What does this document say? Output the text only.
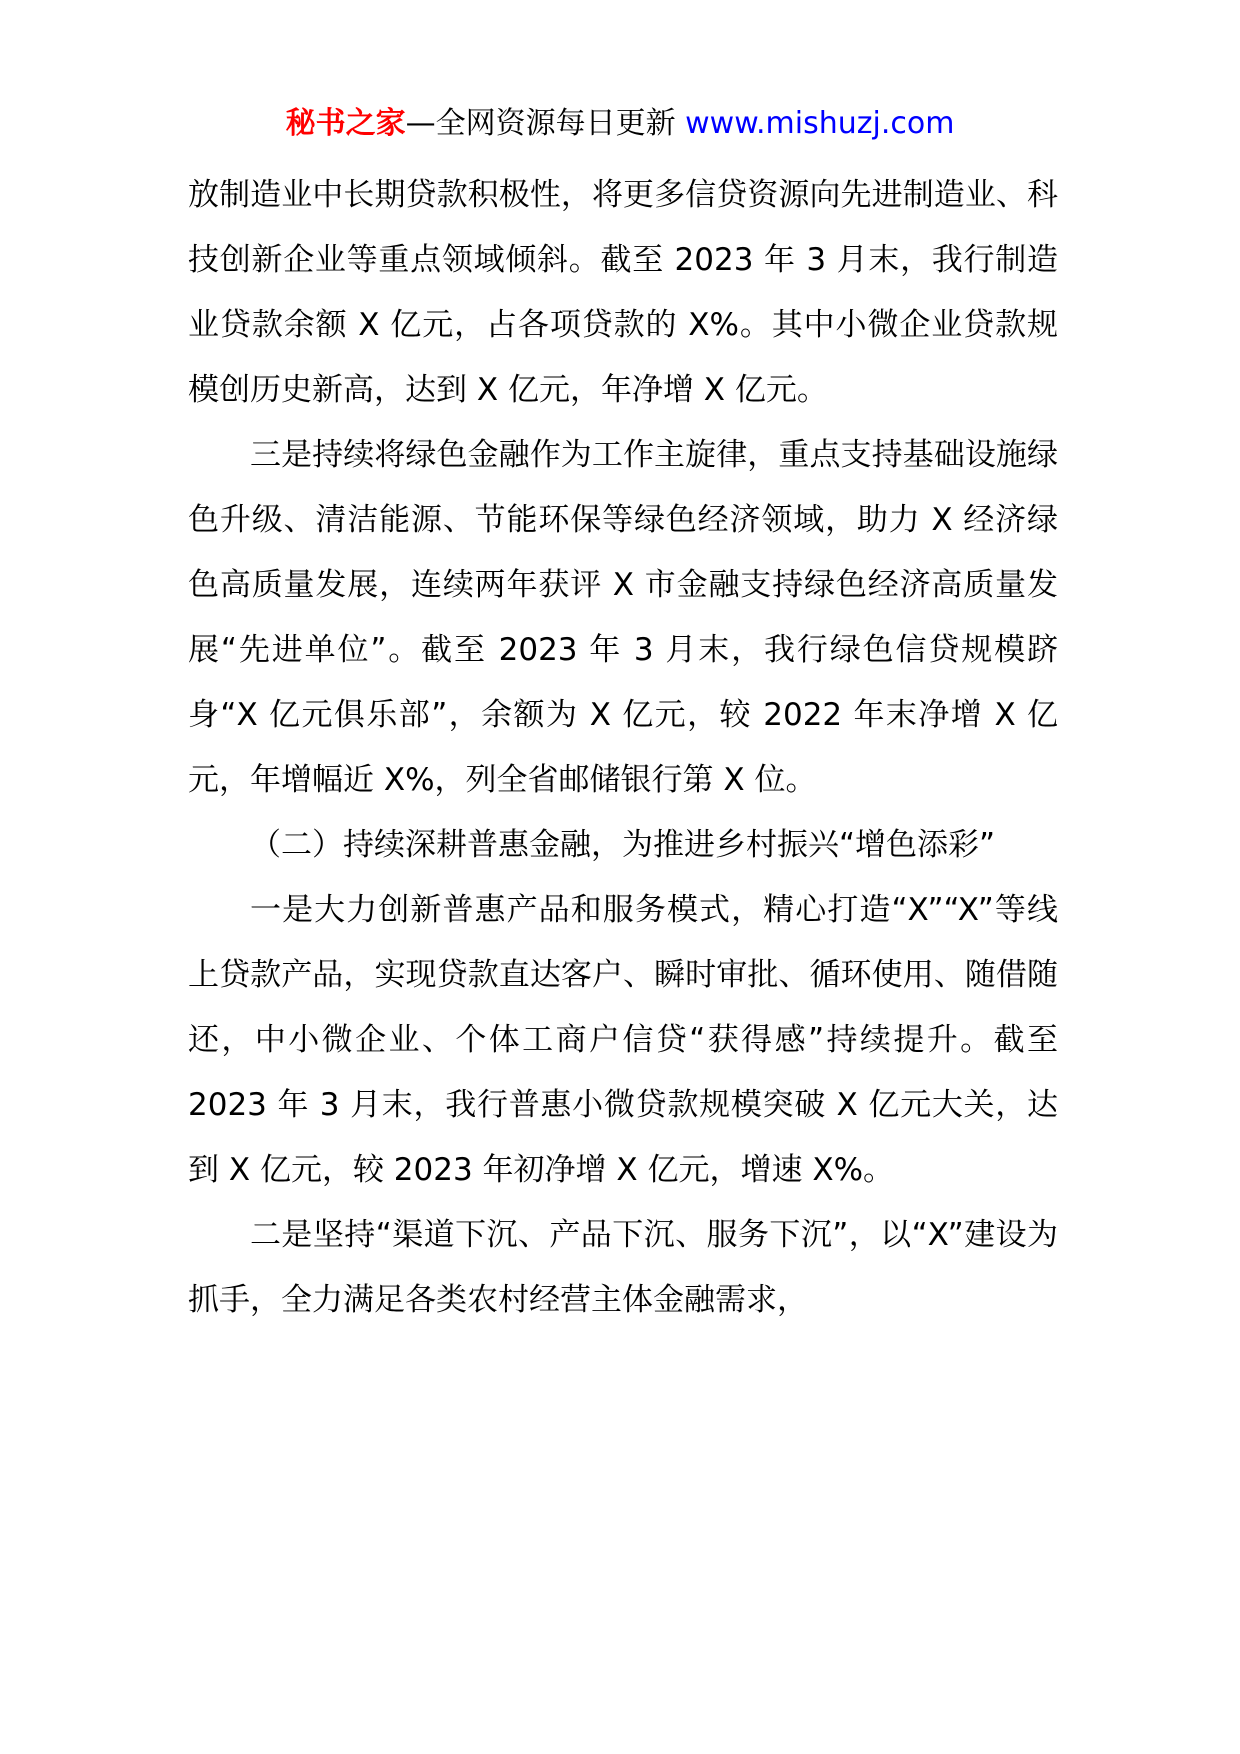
秘书之家—全网资源每日更新 www.mishuzj.com

放制造业中长期贷款积极性，将更多信贷资源向先进制造业、科技创新企业等重点领域倾斜。截至 2023 年 3 月末，我行制造业贷款余额 X 亿元，占各项贷款的 X%。其中小微企业贷款规模创历史新高，达到 X 亿元，年净增 X 亿元。

三是持续将绿色金融作为工作主旋律，重点支持基础设施绿色升级、清洁能源、节能环保等绿色经济领域，助力 X 经济绿色高质量发展，连续两年获评 X 市金融支持绿色经济高质量发展“先进单位”。截至 2023 年 3 月末，我行绿色信贷规模跻身“X 亿元俱乐部”，余额为 X 亿元，较 2022 年末净增 X 亿元，年增幅近 X%，列全省邮储银行第 X 位。

（二）持续深耕普惠金融，为推进乡村振兴“增色添彩”

一是大力创新普惠产品和服务模式，精心打造“X”“X”等线上贷款产品，实现贷款直达客户、瞬时审批、循环使用、随借随还，中小微企业、个体工商户信贷“获得感”持续提升。截至 2023 年 3 月末，我行普惠小微贷款规模突破 X 亿元大关，达到 X 亿元，较 2023 年初净增 X 亿元，增速 X%。

二是坚持“渠道下沉、产品下沉、服务下沉”，以“X”建设为抓手，全力满足各类农村经营主体金融需求，
